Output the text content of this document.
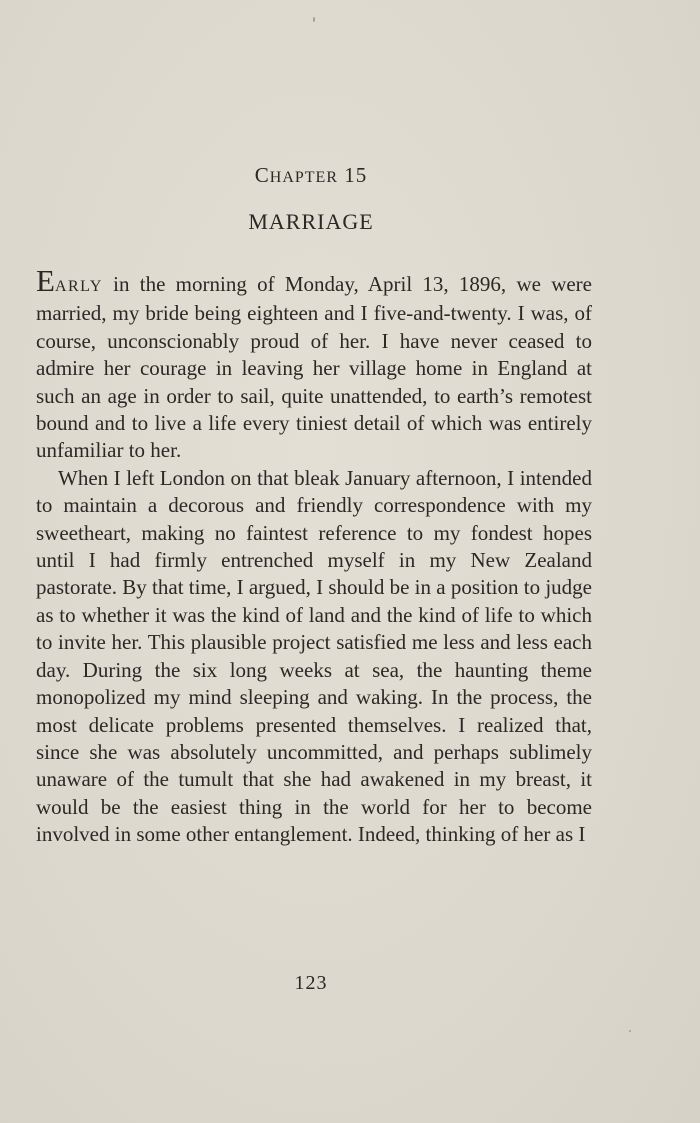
CHAPTER 15
MARRIAGE

EARLY in the morning of Monday, April 13, 1896, we were married, my bride being eighteen and I five-and-twenty. I was, of course, unconscionably proud of her. I have never ceased to admire her courage in leaving her village home in England at such an age in order to sail, quite unattended, to earth’s remotest bound and to live a life every tiniest detail of which was entirely unfamiliar to her.

When I left London on that bleak January afternoon, I intended to maintain a decorous and friendly correspondence with my sweetheart, making no faintest reference to my fondest hopes until I had firmly entrenched myself in my New Zealand pastorate. By that time, I argued, I should be in a position to judge as to whether it was the kind of land and the kind of life to which to invite her. This plausible project satisfied me less and less each day. During the six long weeks at sea, the haunting theme monopolized my mind sleeping and waking. In the process, the most delicate problems presented themselves. I realized that, since she was absolutely uncommitted, and perhaps sublimely unaware of the tumult that she had awakened in my breast, it would be the easiest thing in the world for her to become involved in some other entanglement. Indeed, thinking of her as I

123
